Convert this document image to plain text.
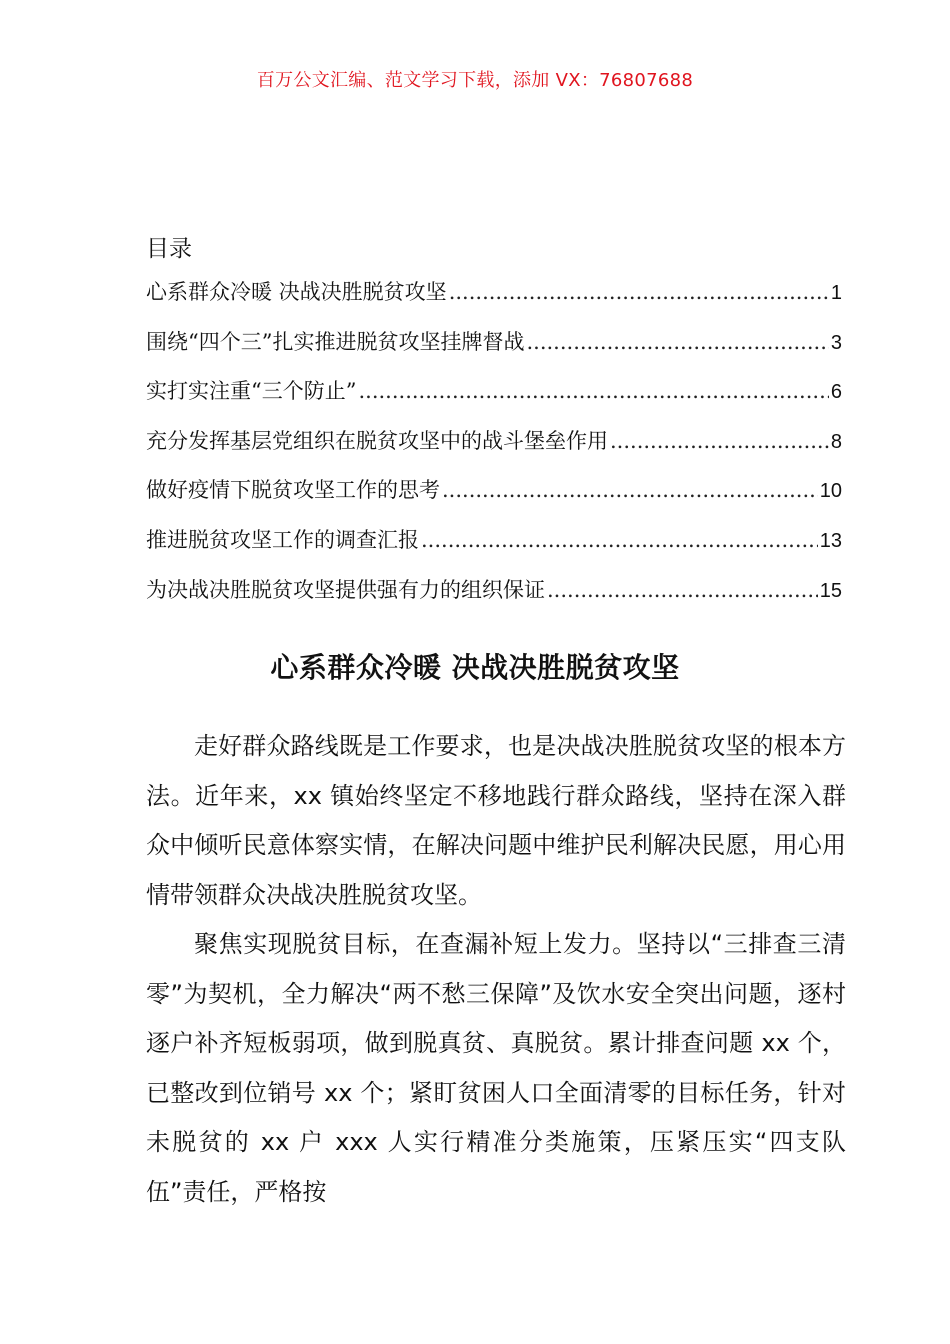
百万公文汇编、范文学习下载，添加 VX：76807688
目录
心系群众冷暖 决战决胜脱贫攻坚 .....	1
围绕“四个三”扎实推进脱贫攻坚挂牌督战 .....	3
实打实注重“三个防止” .....	6
充分发挥基层党组织在脱贫攻坚中的战斗堡垒作用 .....	8
做好疫情下脱贫攻坚工作的思考 .....	10
推进脱贫攻坚工作的调查汇报 .....	13
为决战决胜脱贫攻坚提供强有力的组织保证 .....	15
心系群众冷暖 决战决胜脱贫攻坚

走好群众路线既是工作要求，也是决战决胜脱贫攻坚的根本方法。近年来，xx 镇始终坚定不移地践行群众路线，坚持在深入群众中倾听民意体察实情，在解决问题中维护民利解决民愿，用心用情带领群众决战决胜脱贫攻坚。

聚焦实现脱贫目标，在查漏补短上发力。坚持以“三排查三清零”为契机，全力解决“两不愁三保障”及饮水安全突出问题，逐村逐户补齐短板弱项，做到脱真贫、真脱贫。累计排查问题 xx 个，已整改到位销号 xx 个；紧盯贫困人口全面清零的目标任务，针对未脱贫的 xx 户 xxx 人实行精准分类施策，压紧压实“四支队伍”责任，严格按
